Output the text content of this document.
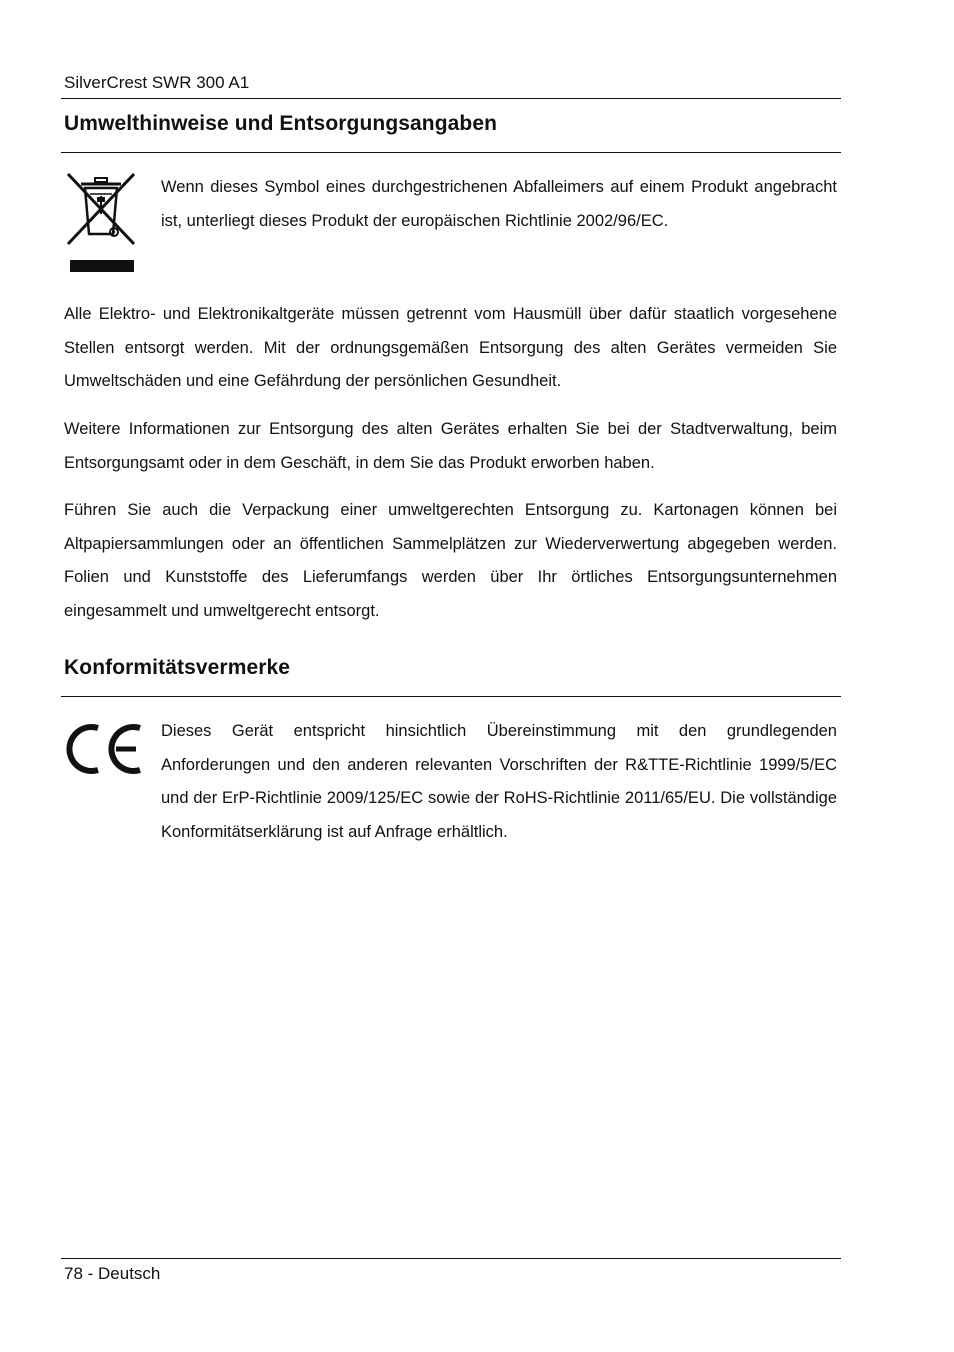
SilverCrest SWR 300 A1
Umwelthinweise und Entsorgungsangaben

Wenn dieses Symbol eines durchgestrichenen Abfalleimers auf einem Produkt angebracht ist, unterliegt dieses Produkt der europäischen Richtlinie 2002/96/EC.

Alle Elektro- und Elektronikaltgeräte müssen getrennt vom Hausmüll über dafür staatlich vorgesehene Stellen entsorgt werden. Mit der ordnungsgemäßen Entsorgung des alten Gerätes vermeiden Sie Umweltschäden und eine Gefährdung der persönlichen Gesundheit.

Weitere Informationen zur Entsorgung des alten Gerätes erhalten Sie bei der Stadtverwaltung, beim Entsorgungsamt oder in dem Geschäft, in dem Sie das Produkt erworben haben.

Führen Sie auch die Verpackung einer umweltgerechten Entsorgung zu. Kartonagen können bei Altpapiersammlungen oder an öffentlichen Sammelplätzen zur Wiederverwertung abgegeben werden. Folien und Kunststoffe des Lieferumfangs werden über Ihr örtliches Entsorgungsunternehmen eingesammelt und umweltgerecht entsorgt.

Konformitätsvermerke

Dieses Gerät entspricht hinsichtlich Übereinstimmung mit den grundlegenden Anforderungen und den anderen relevanten Vorschriften der R&TTE-Richtlinie 1999/5/EC und der ErP-Richtlinie 2009/125/EC sowie der RoHS-Richtlinie 2011/65/EU. Die vollständige Konformitätserklärung ist auf Anfrage erhältlich.

78 - Deutsch
